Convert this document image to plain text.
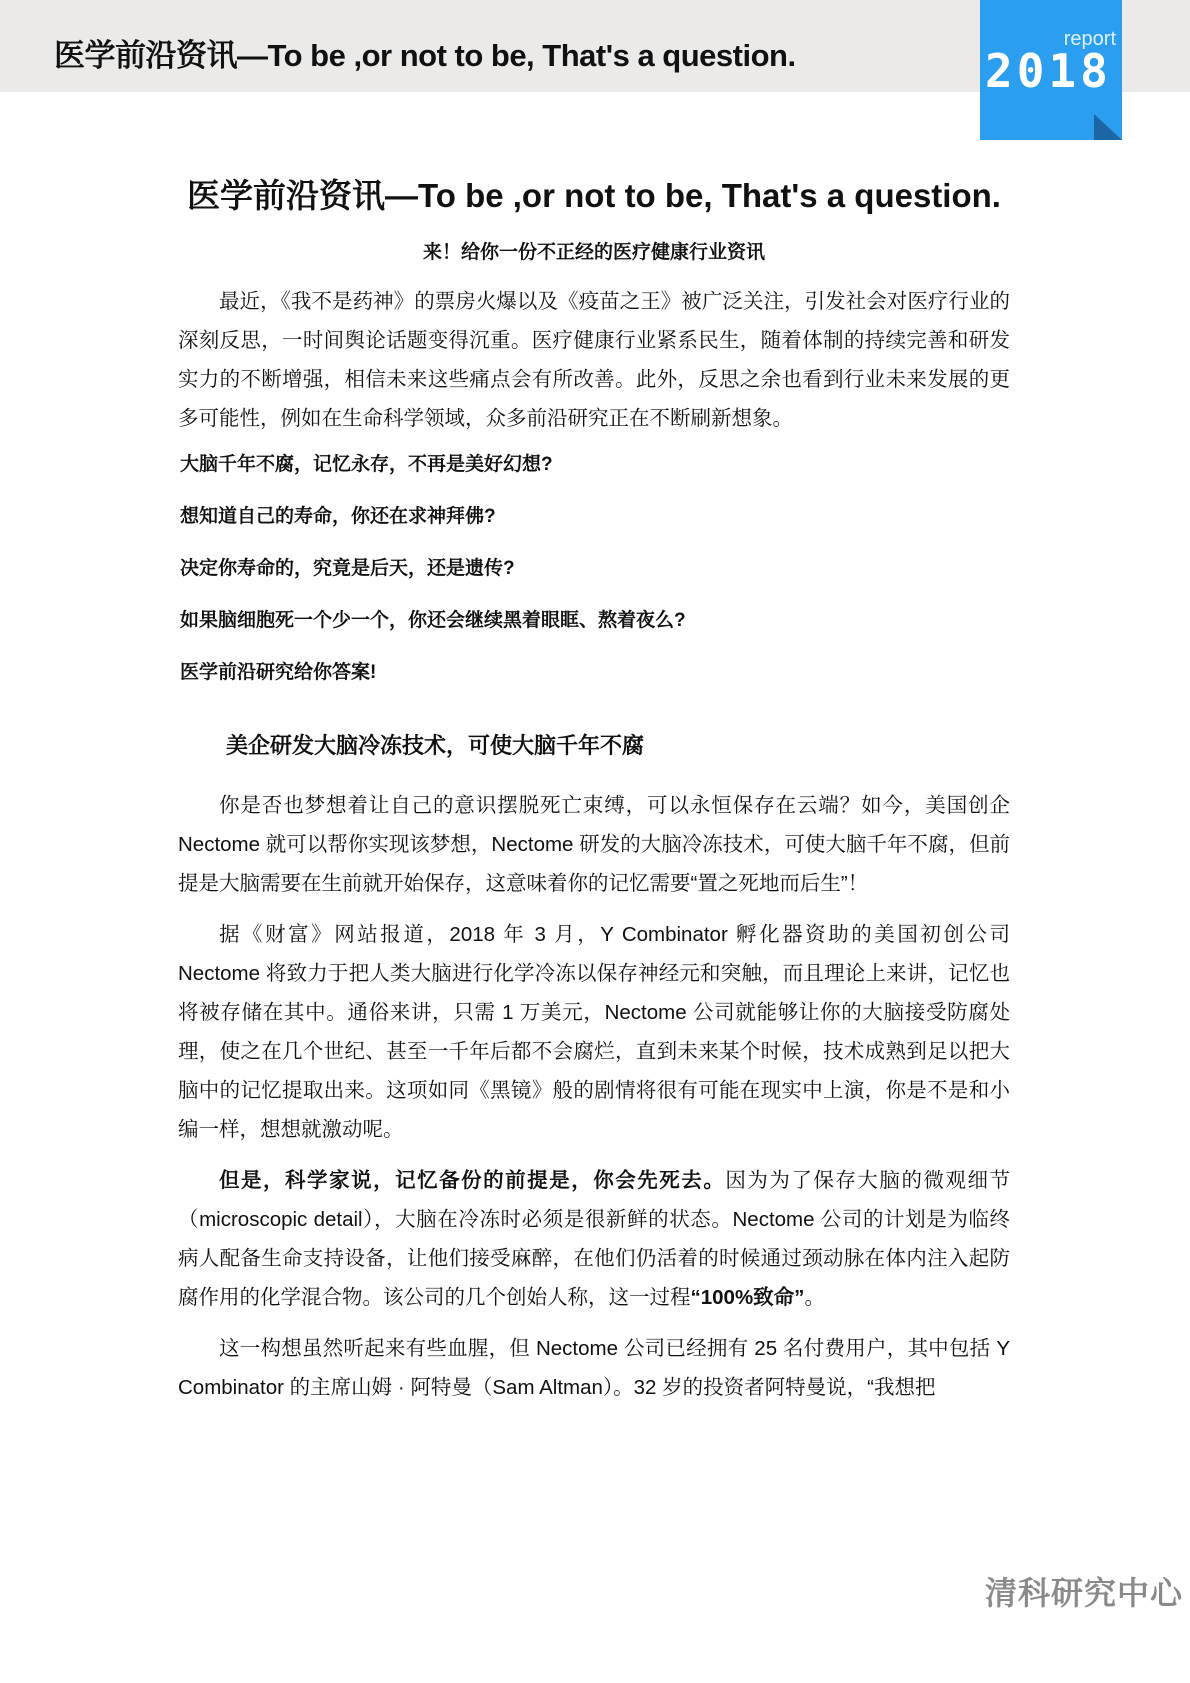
医学前沿资讯—To be ,or not to be, That's a question.	report
2018
医学前沿资讯—To be ,or not to be, That's a question.
来！给你一份不正经的医疗健康行业资讯

最近，《我不是药神》的票房火爆以及《疫苗之王》被广泛关注，引发社会对医疗行业的深刻反思，一时间舆论话题变得沉重。医疗健康行业紧系民生，随着体制的持续完善和研发实力的不断增强，相信未来这些痛点会有所改善。此外，反思之余也看到行业未来发展的更多可能性，例如在生命科学领域，众多前沿研究正在不断刷新想象。

大脑千年不腐，记忆永存，不再是美好幻想?
想知道自己的寿命，你还在求神拜佛?
决定你寿命的，究竟是后天，还是遗传?
如果脑细胞死一个少一个，你还会继续黑着眼眶、熬着夜么?
医学前沿研究给你答案!
美企研发大脑冷冻技术，可使大脑千年不腐

你是否也梦想着让自己的意识摆脱死亡束缚，可以永恒保存在云端？如今，美国创企 Nectome 就可以帮你实现该梦想，Nectome 研发的大脑冷冻技术，可使大脑千年不腐，但前提是大脑需要在生前就开始保存，这意味着你的记忆需要“置之死地而后生”！

据《财富》网站报道，2018 年 3 月，Y Combinator 孵化器资助的美国初创公司 Nectome 将致力于把人类大脑进行化学冷冻以保存神经元和突触，而且理论上来讲，记忆也将被存储在其中。通俗来讲，只需 1 万美元，Nectome 公司就能够让你的大脑接受防腐处理，使之在几个世纪、甚至一千年后都不会腐烂，直到未来某个时候，技术成熟到足以把大脑中的记忆提取出来。这项如同《黑镜》般的剧情将很有可能在现实中上演，你是不是和小编一样，想想就激动呢。

但是，科学家说，记忆备份的前提是，你会先死去。因为为了保存大脑的微观细节（microscopic detail），大脑在冷冻时必须是很新鲜的状态。Nectome 公司的计划是为临终病人配备生命支持设备，让他们接受麻醉，在他们仍活着的时候通过颈动脉在体内注入起防腐作用的化学混合物。该公司的几个创始人称，这一过程“100%致命”。

这一构想虽然听起来有些血腥，但 Nectome 公司已经拥有 25 名付费用户，其中包括 Y Combinator 的主席山姆 · 阿特曼（Sam Altman）。32 岁的投资者阿特曼说，“我想把

清科研究中心
